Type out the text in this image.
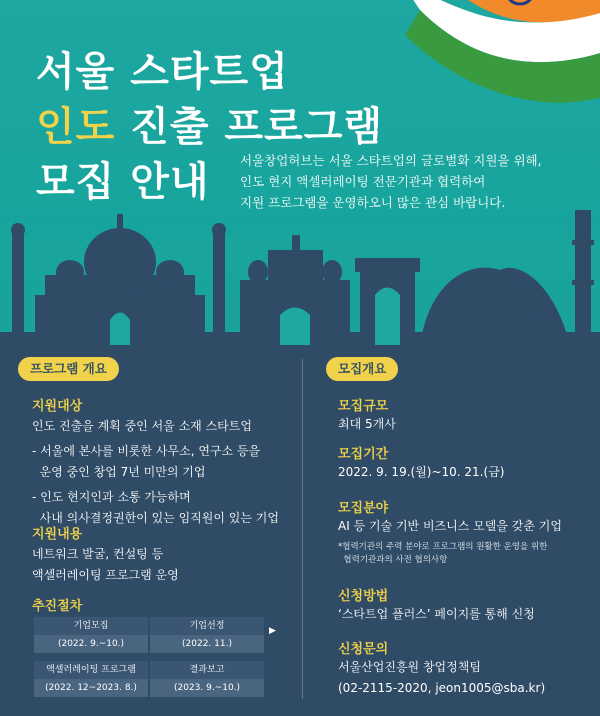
서울 스타트업
인도 진출 프로그램
모집 안내 서울창업허브는 서울 스타트업의 글로벌화 지원을 위해,
인도 현지 액셀러레이팅 전문기관과 협력하여
지원 프로그램을 운영하오니 많은 관심 바랍니다.
프로그램 개요
지원대상
인도 진출을 계획 중인 서울 소재 스타트업
- 서울에 본사를 비롯한 사무소, 연구소 등을
운영 중인 창업 7년 미만의 기업
- 인도 현지인과 소통 가능하며
사내 의사결정권한이 있는 임직원이 있는 기업
지원내용
네트워크 발굴, 컨설팅 등
액셀러레이팅 프로그램 운영
추진절차
기업모집
(2022. 9.~10.)
기업선정
(2022. 11.)
▶
액셀러레이팅 프로그램
(2022. 12~2023. 8.)
결과보고
(2023. 9.~10.)
모집개요
모집규모
최대 5개사
모집기간
2022. 9. 19.(월)~10. 21.(금)
모집분야
AI 등 기술 기반 비즈니스 모델을 갖춘 기업
*협력기관의 주력 분야로 프로그램의 원활한 운영을 위한
협력기관과의 사전 협의사항
신청방법
‘스타트업 플러스’ 페이지를 통해 신청
신청문의
서울산업진흥원 창업정책팀
(02-2115-2020, jeon1005@sba.kr)
